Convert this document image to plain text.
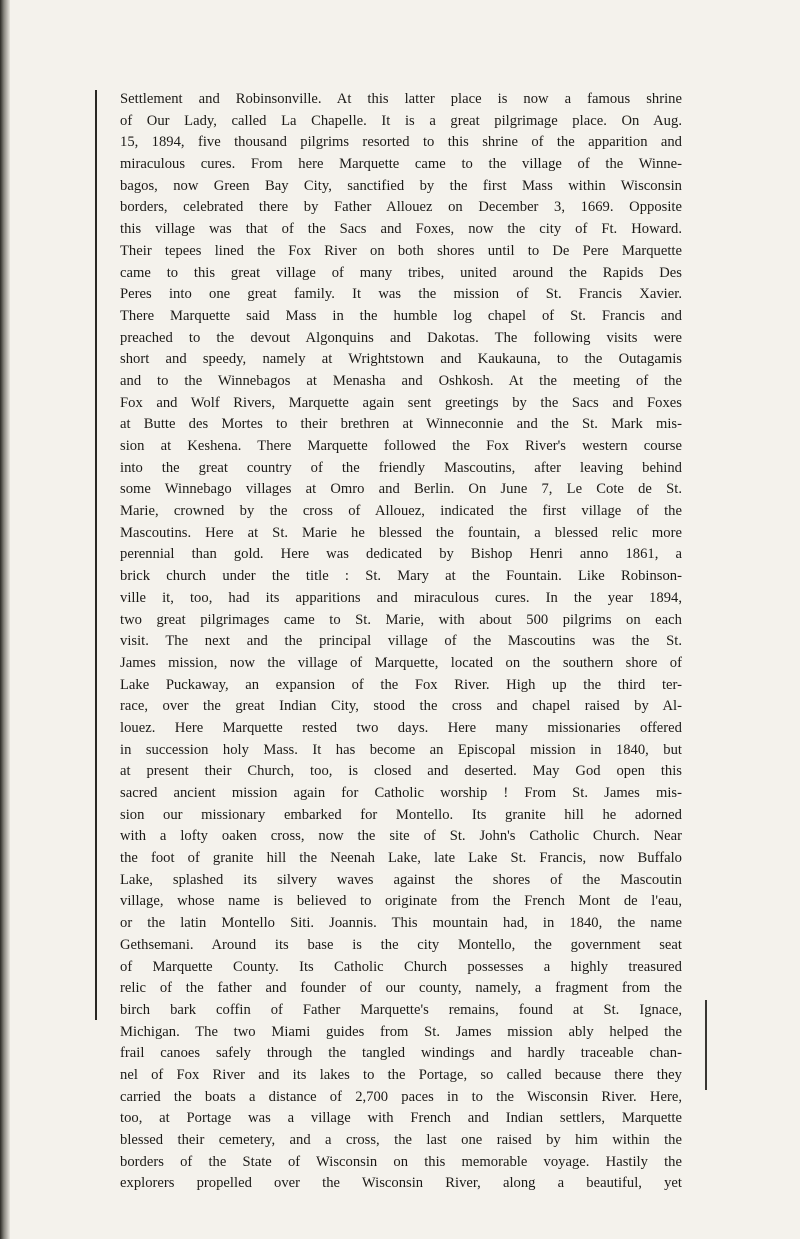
Settlement and Robinsonville. At this latter place is now a famous shrine
of Our Lady, called La Chapelle. It is a great pilgrimage place. On Aug.
15, 1894, five thousand pilgrims resorted to this shrine of the apparition and
miraculous cures. From here Marquette came to the village of the Winne-
bagos, now Green Bay City, sanctified by the first Mass within Wisconsin
borders, celebrated there by Father Allouez on December 3, 1669. Opposite
this village was that of the Sacs and Foxes, now the city of Ft. Howard.
Their tepees lined the Fox River on both shores until to De Pere Marquette
came to this great village of many tribes, united around the Rapids Des
Peres into one great family. It was the mission of St. Francis Xavier.
There Marquette said Mass in the humble log chapel of St. Francis and
preached to the devout Algonquins and Dakotas. The following visits were
short and speedy, namely at Wrightstown and Kaukauna, to the Outagamis
and to the Winnebagos at Menasha and Oshkosh. At the meeting of the
Fox and Wolf Rivers, Marquette again sent greetings by the Sacs and Foxes
at Butte des Mortes to their brethren at Winneconnie and the St. Mark mis-
sion at Keshena. There Marquette followed the Fox River's western course
into the great country of the friendly Mascoutins, after leaving behind
some Winnebago villages at Omro and Berlin. On June 7, Le Cote de St.
Marie, crowned by the cross of Allouez, indicated the first village of the
Mascoutins. Here at St. Marie he blessed the fountain, a blessed relic more
perennial than gold. Here was dedicated by Bishop Henri anno 1861, a
brick church under the title : St. Mary at the Fountain. Like Robinson-
ville it, too, had its apparitions and miraculous cures. In the year 1894,
two great pilgrimages came to St. Marie, with about 500 pilgrims on each
visit. The next and the principal village of the Mascoutins was the St.
James mission, now the village of Marquette, located on the southern shore of
Lake Puckaway, an expansion of the Fox River. High up the third ter-
race, over the great Indian City, stood the cross and chapel raised by Al-
louez. Here Marquette rested two days. Here many missionaries offered
in succession holy Mass. It has become an Episcopal mission in 1840, but
at present their Church, too, is closed and deserted. May God open this
sacred ancient mission again for Catholic worship ! From St. James mis-
sion our missionary embarked for Montello. Its granite hill he adorned
with a lofty oaken cross, now the site of St. John's Catholic Church. Near
the foot of granite hill the Neenah Lake, late Lake St. Francis, now Buffalo
Lake, splashed its silvery waves against the shores of the Mascoutin
village, whose name is believed to originate from the French Mont de l'eau,
or the latin Montello Siti. Joannis. This mountain had, in 1840, the name
Gethsemani. Around its base is the city Montello, the government seat
of Marquette County. Its Catholic Church possesses a highly treasured
relic of the father and founder of our county, namely, a fragment from the
birch bark coffin of Father Marquette's remains, found at St. Ignace,
Michigan. The two Miami guides from St. James mission ably helped the
frail canoes safely through the tangled windings and hardly traceable chan-
nel of Fox River and its lakes to the Portage, so called because there they
carried the boats a distance of 2,700 paces in to the Wisconsin River. Here,
too, at Portage was a village with French and Indian settlers, Marquette
blessed their cemetery, and a cross, the last one raised by him within the
borders of the State of Wisconsin on this memorable voyage. Hastily the
explorers propelled over the Wisconsin River, along a beautiful, yet
